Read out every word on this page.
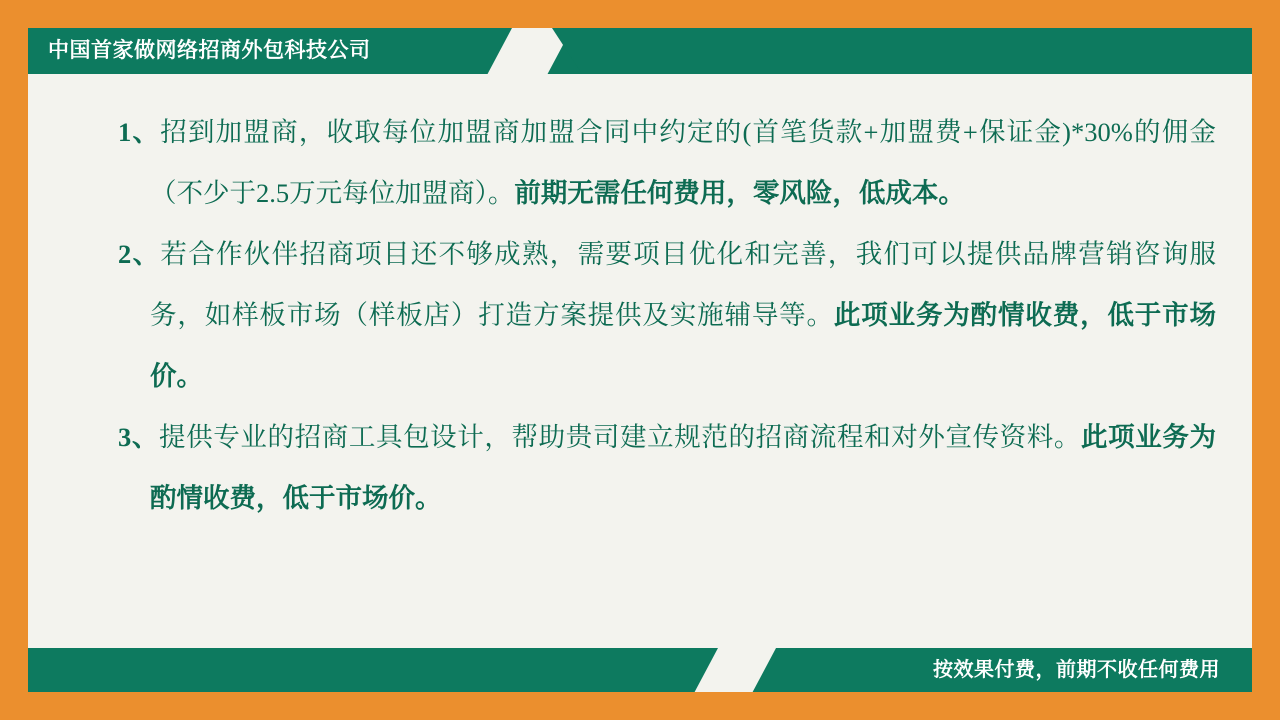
中国首家做网络招商外包科技公司

1、招到加盟商，收取每位加盟商加盟合同中约定的(首笔货款+加盟费+保证金)*30%的佣金（不少于2.5万元每位加盟商）。前期无需任何费用，零风险，低成本。

2、若合作伙伴招商项目还不够成熟，需要项目优化和完善，我们可以提供品牌营销咨询服务，如样板市场（样板店）打造方案提供及实施辅导等。此项业务为酌情收费，低于市场价。

3、提供专业的招商工具包设计，帮助贵司建立规范的招商流程和对外宣传资料。此项业务为酌情收费，低于市场价。

按效果付费，前期不收任何费用
